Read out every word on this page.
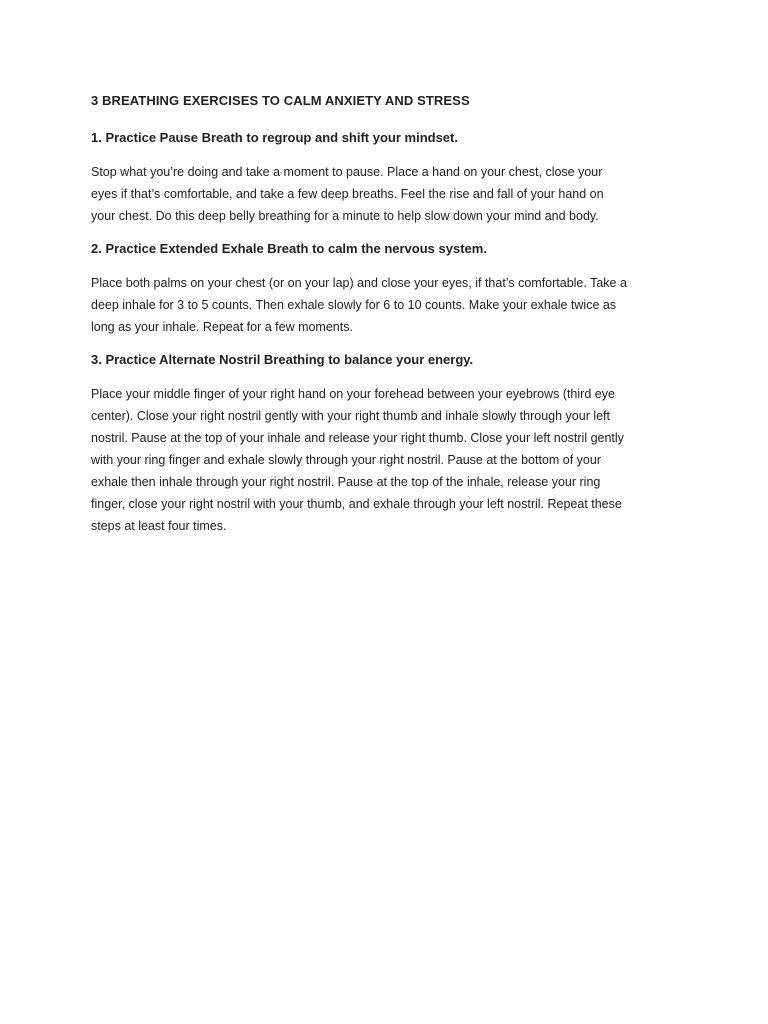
3 BREATHING EXERCISES TO CALM ANXIETY AND STRESS
1. Practice Pause Breath to regroup and shift your mindset.
Stop what you’re doing and take a moment to pause. Place a hand on your chest, close your
eyes if that’s comfortable, and take a few deep breaths. Feel the rise and fall of your hand on
your chest. Do this deep belly breathing for a minute to help slow down your mind and body.
2. Practice Extended Exhale Breath to calm the nervous system.
Place both palms on your chest (or on your lap) and close your eyes, if that’s comfortable. Take a
deep inhale for 3 to 5 counts. Then exhale slowly for 6 to 10 counts. Make your exhale twice as
long as your inhale. Repeat for a few moments.
3. Practice Alternate Nostril Breathing to balance your energy.
Place your middle finger of your right hand on your forehead between your eyebrows (third eye
center). Close your right nostril gently with your right thumb and inhale slowly through your left
nostril. Pause at the top of your inhale and release your right thumb. Close your left nostril gently
with your ring finger and exhale slowly through your right nostril. Pause at the bottom of your
exhale then inhale through your right nostril. Pause at the top of the inhale, release your ring
finger, close your right nostril with your thumb, and exhale through your left nostril. Repeat these
steps at least four times.
